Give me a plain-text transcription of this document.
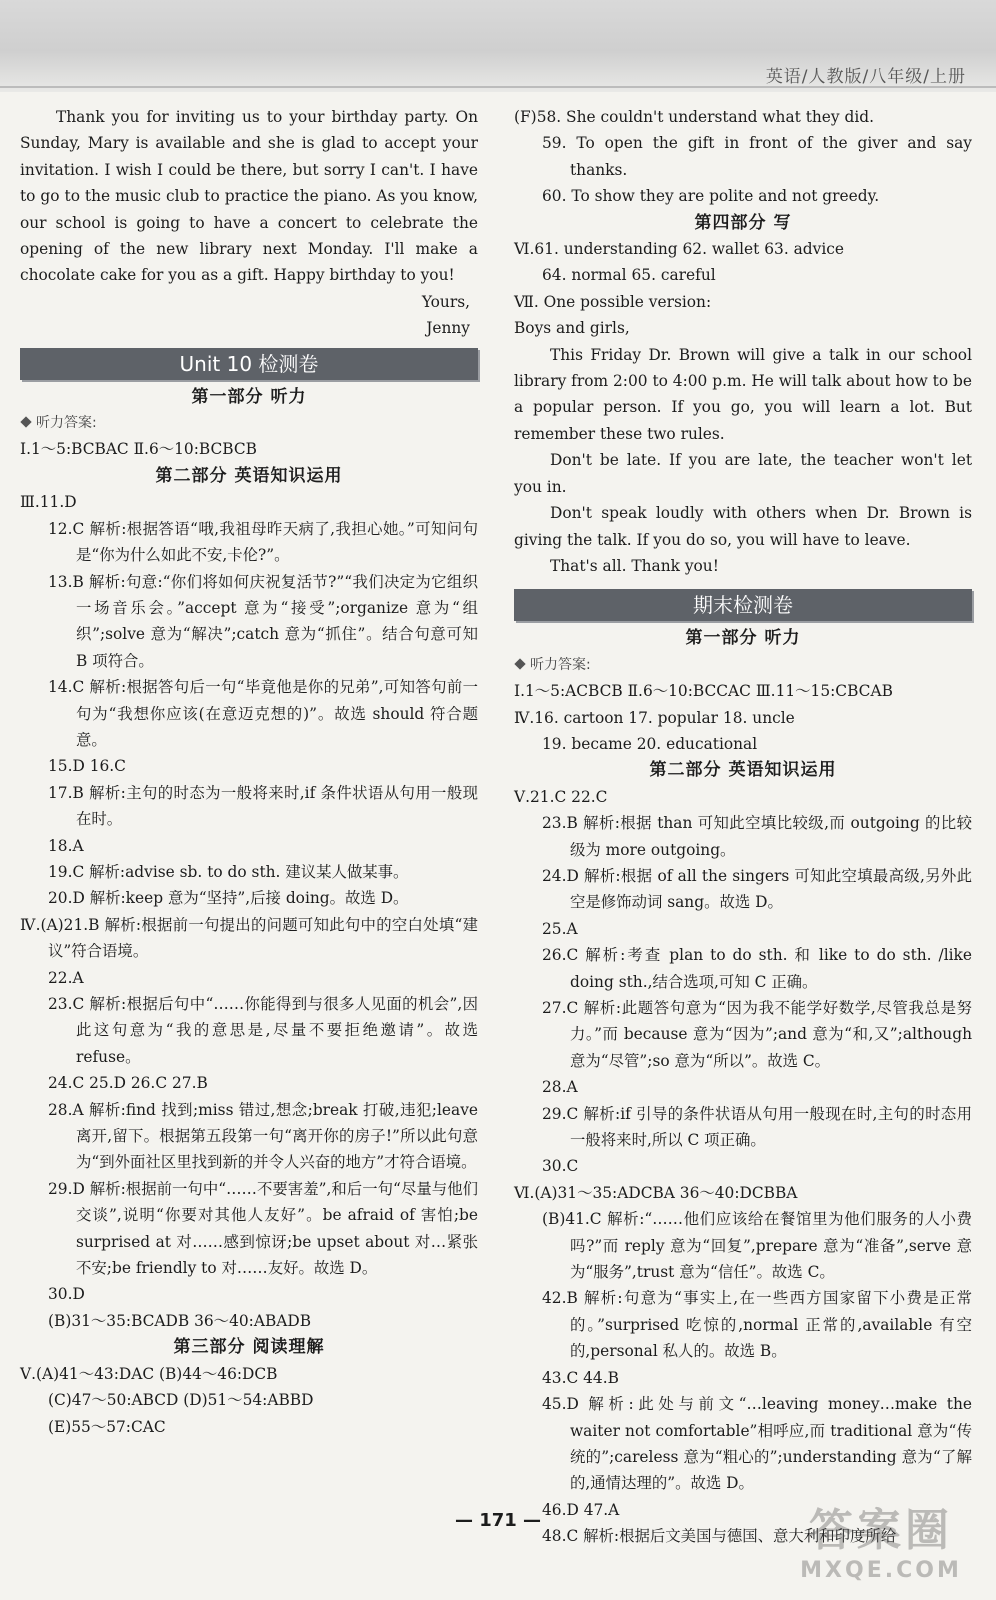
英语/人教版/八年级/上册

Thank you for inviting us to your birthday party. On Sunday, Mary is available and she is glad to accept your invitation. I wish I could be there, but sorry I can't. I have to go to the music club to practice the piano. As you know, our school is going to have a concert to celebrate the opening of the new library next Monday. I'll make a chocolate cake for you as a gift. Happy birthday to you!

Yours,

Jenny

Unit 10 检测卷
第一部分 听力
听力答案:
Ⅰ.1～5:BCBAC Ⅱ.6～10:BCBCB
第二部分 英语知识运用
Ⅲ.11.D
12.C 解析:根据答语“哦,我祖母昨天病了,我担心她。”可知问句是“你为什么如此不安,卡伦?”。
13.B 解析:句意:“你们将如何庆祝复活节?”“我们决定为它组织一场音乐会。”accept 意为“接受”;organize 意为“组织”;solve 意为“解决”;catch 意为“抓住”。结合句意可知 B 项符合。
14.C 解析:根据答句后一句“毕竟他是你的兄弟”,可知答句前一句为“我想你应该(在意迈克想的)”。故选 should 符合题意。
15.D 16.C
17.B 解析:主句的时态为一般将来时,if 条件状语从句用一般现在时。
18.A
19.C 解析:advise sb. to do sth. 建议某人做某事。
20.D 解析:keep 意为“坚持”,后接 doing。故选 D。
Ⅳ.(A)21.B 解析:根据前一句提出的问题可知此句中的空白处填“建议”符合语境。
22.A
23.C 解析:根据后句中“……你能得到与很多人见面的机会”,因此这句意为“我的意思是,尽量不要拒绝邀请”。故选 refuse。
24.C 25.D 26.C 27.B
28.A 解析:find 找到;miss 错过,想念;break 打破,违犯;leave 离开,留下。根据第五段第一句“离开你的房子!”所以此句意为“到外面社区里找到新的并令人兴奋的地方”才符合语境。
29.D 解析:根据前一句中“……不要害羞”,和后一句“尽量与他们交谈”,说明“你要对其他人友好”。be afraid of 害怕;be surprised at 对……感到惊讶;be upset about 对…紧张不安;be friendly to 对……友好。故选 D。
30.D
(B)31～35:BCADB 36～40:ABADB
第三部分 阅读理解
Ⅴ.(A)41～43:DAC (B)44～46:DCB
(C)47～50:ABCD (D)51～54:ABBD
(E)55～57:CAC
(F)58. She couldn't understand what they did.
59. To open the gift in front of the giver and say thanks.
60. To show they are polite and not greedy.
第四部分 写
Ⅵ.61. understanding 62. wallet 63. advice
64. normal 65. careful
Ⅶ. One possible version:
Boys and girls,

This Friday Dr. Brown will give a talk in our school library from 2:00 to 4:00 p.m. He will talk about how to be a popular person. If you go, you will learn a lot. But remember these two rules.

Don't be late. If you are late, the teacher won't let you in.

Don't speak loudly with others when Dr. Brown is giving the talk. If you do so, you will have to leave.

That's all. Thank you!

期末检测卷
第一部分 听力
听力答案:
Ⅰ.1～5:ACBCB Ⅱ.6～10:BCCAC Ⅲ.11～15:CBCAB
Ⅳ.16. cartoon 17. popular 18. uncle
19. became 20. educational
第二部分 英语知识运用
Ⅴ.21.C 22.C
23.B 解析:根据 than 可知此空填比较级,而 outgoing 的比较级为 more outgoing。
24.D 解析:根据 of all the singers 可知此空填最高级,另外此空是修饰动词 sang。故选 D。
25.A
26.C 解析:考查 plan to do sth. 和 like to do sth. /like doing sth.,结合选项,可知 C 正确。
27.C 解析:此题答句意为“因为我不能学好数学,尽管我总是努力。”而 because 意为“因为”;and 意为“和,又”;although 意为“尽管”;so 意为“所以”。故选 C。
28.A
29.C 解析:if 引导的条件状语从句用一般现在时,主句的时态用一般将来时,所以 C 项正确。
30.C
Ⅵ.(A)31～35:ADCBA 36～40:DCBBA
(B)41.C 解析:“……他们应该给在餐馆里为他们服务的人小费吗?”而 reply 意为“回复”,prepare 意为“准备”,serve 意为“服务”,trust 意为“信任”。故选 C。
42.B 解析:句意为“事实上,在一些西方国家留下小费是正常的。”surprised 吃惊的,normal 正常的,available 有空的,personal 私人的。故选 B。
43.C 44.B
45.D 解析:此处与前文“…leaving money…make the waiter not comfortable”相呼应,而 traditional 意为“传统的”;careless 意为“粗心的”;understanding 意为“了解的,通情达理的”。故选 D。
46.D 47.A
48.C 解析:根据后文美国与德国、意大利和印度所给
— 171 —	答案圈
MXQE.COM
